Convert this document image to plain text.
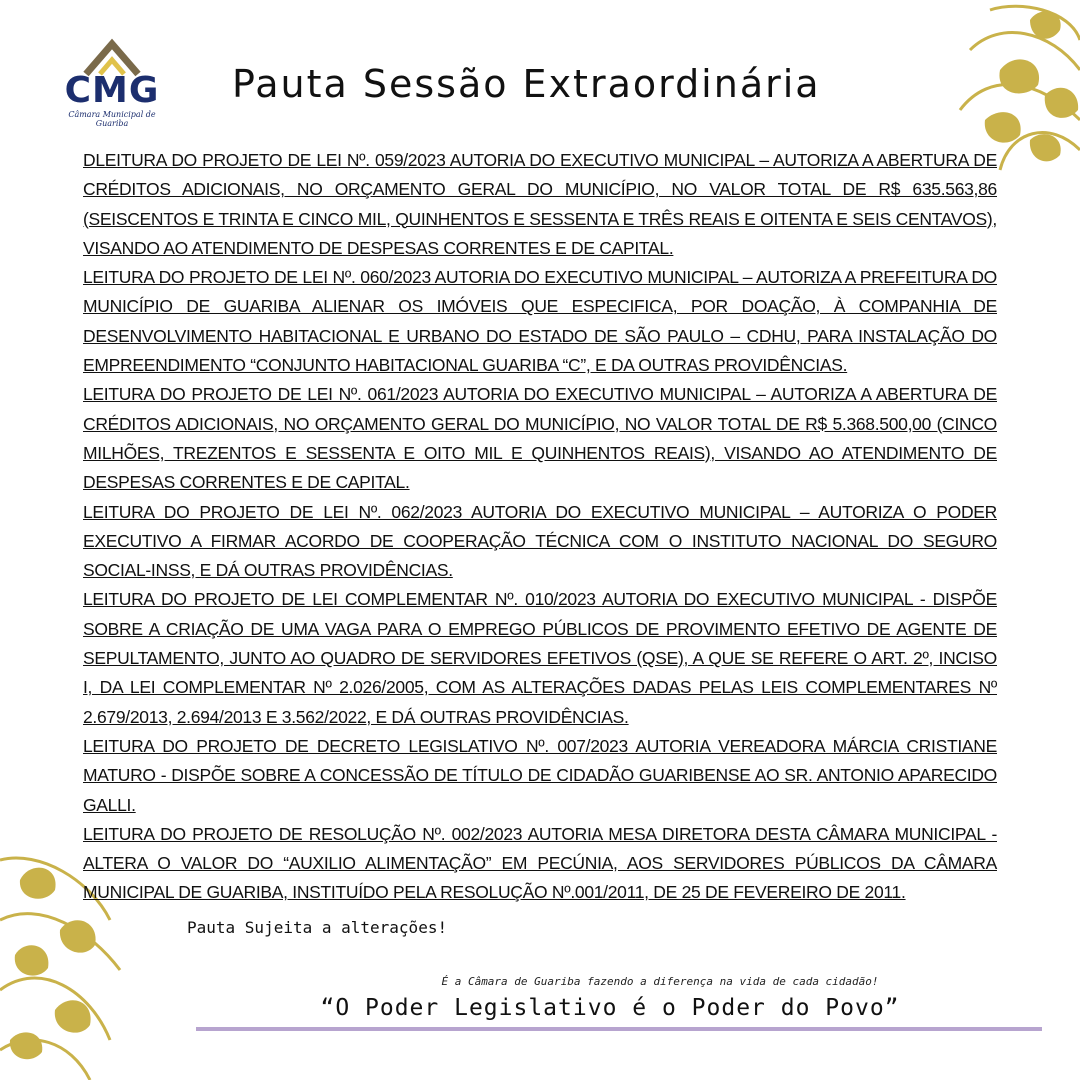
CMG
Câmara Municipal de Guariba
Pauta Sessão Extraordinária

DLEITURA DO PROJETO DE LEI Nº. 059/2023 AUTORIA DO EXECUTIVO MUNICIPAL – AUTORIZA A ABERTURA DE CRÉDITOS ADICIONAIS, NO ORÇAMENTO GERAL DO MUNICÍPIO, NO VALOR TOTAL DE R$ 635.563,86 (SEISCENTOS E TRINTA E CINCO MIL, QUINHENTOS E SESSENTA E TRÊS REAIS E OITENTA E SEIS CENTAVOS), VISANDO AO ATENDIMENTO DE DESPESAS CORRENTES E DE CAPITAL.

LEITURA DO PROJETO DE LEI Nº. 060/2023 AUTORIA DO EXECUTIVO MUNICIPAL – AUTORIZA A PREFEITURA DO MUNICÍPIO DE GUARIBA ALIENAR OS IMÓVEIS QUE ESPECIFICA, POR DOAÇÃO, À COMPANHIA DE DESENVOLVIMENTO HABITACIONAL E URBANO DO ESTADO DE SÃO PAULO – CDHU, PARA INSTALAÇÃO DO EMPREENDIMENTO “CONJUNTO HABITACIONAL GUARIBA “C”, E DA OUTRAS PROVIDÊNCIAS.

LEITURA DO PROJETO DE LEI Nº. 061/2023 AUTORIA DO EXECUTIVO MUNICIPAL – AUTORIZA A ABERTURA DE CRÉDITOS ADICIONAIS, NO ORÇAMENTO GERAL DO MUNICÍPIO, NO VALOR TOTAL DE R$ 5.368.500,00 (CINCO MILHÕES, TREZENTOS E SESSENTA E OITO MIL E QUINHENTOS REAIS), VISANDO AO ATENDIMENTO DE DESPESAS CORRENTES E DE CAPITAL.

LEITURA DO PROJETO DE LEI Nº. 062/2023 AUTORIA DO EXECUTIVO MUNICIPAL – AUTORIZA O PODER EXECUTIVO A FIRMAR ACORDO DE COOPERAÇÃO TÉCNICA COM O INSTITUTO NACIONAL DO SEGURO SOCIAL-INSS, E DÁ OUTRAS PROVIDÊNCIAS.

LEITURA DO PROJETO DE LEI COMPLEMENTAR Nº. 010/2023 AUTORIA DO EXECUTIVO MUNICIPAL - DISPÕE SOBRE A CRIAÇÃO DE UMA VAGA PARA O EMPREGO PÚBLICOS DE PROVIMENTO EFETIVO DE AGENTE DE SEPULTAMENTO, JUNTO AO QUADRO DE SERVIDORES EFETIVOS (QSE), A QUE SE REFERE O ART. 2º, INCISO I, DA LEI COMPLEMENTAR Nº 2.026/2005, COM AS ALTERAÇÕES DADAS PELAS LEIS COMPLEMENTARES Nº 2.679/2013, 2.694/2013 E 3.562/2022, E DÁ OUTRAS PROVIDÊNCIAS.

LEITURA DO PROJETO DE DECRETO LEGISLATIVO Nº. 007/2023 AUTORIA VEREADORA MÁRCIA CRISTIANE MATURO - DISPÕE SOBRE A CONCESSÃO DE TÍTULO DE CIDADÃO GUARIBENSE AO SR. ANTONIO APARECIDO GALLI.

LEITURA DO PROJETO DE RESOLUÇÃO Nº. 002/2023 AUTORIA MESA DIRETORA DESTA CÂMARA MUNICIPAL - ALTERA O VALOR DO “AUXILIO ALIMENTAÇÃO” EM PECÚNIA, AOS SERVIDORES PÚBLICOS DA CÂMARA MUNICIPAL DE GUARIBA, INSTITUÍDO PELA RESOLUÇÃO Nº.001/2011, DE 25 DE FEVEREIRO DE 2011.

Pauta Sujeita a alterações!
É a Câmara de Guariba fazendo a diferença na vida de cada cidadão!
“O Poder Legislativo é o Poder do Povo”
